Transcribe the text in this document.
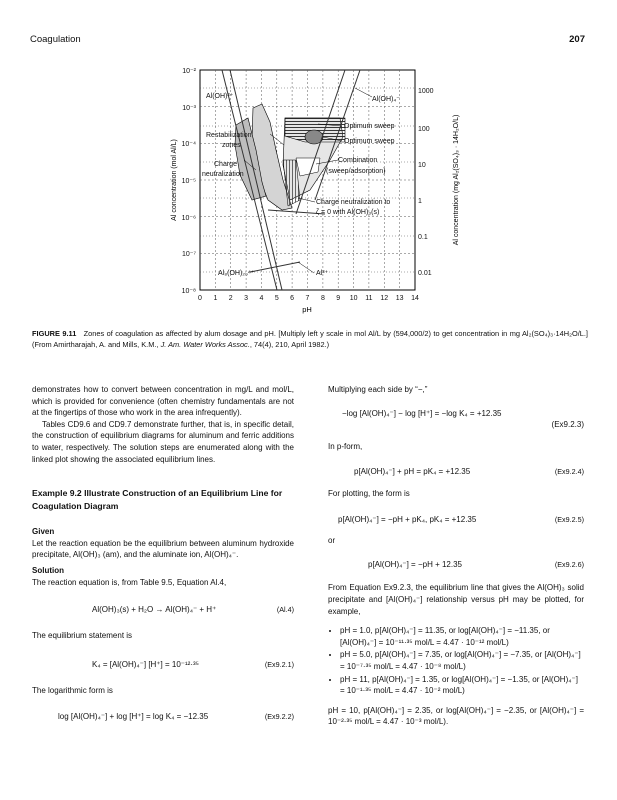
Coagulation	207
Al(OH)²⁺	Al(OH)₄⁻
Restabilization
zones
Charge
neutralization
Optimum sweep
Optimum sweep
Combination
(sweep/adsorption)
Charge neutralization to
ζ = 0 with Al(OH)₃(s)
Al₈(OH)₂₀⁴⁺	Al³⁺
10⁻²
10⁻³
10⁻⁴
10⁻⁵
10⁻⁶
10⁻⁷
10⁻⁸
1000
100
10
1
0.1
0.01
0 1 2 3 4 5 6 7 8 9 10 11 12 13 14
pH
Al concentration (mol Al/L)	Al concentration (mg Al₂(SO₄)₃ · 14H₂O/L)
FIGURE 9.11 Zones of coagulation as affected by alum dosage and pH. [Multiply left y scale in mol Al/L by (594,000/2) to get concentration in mg Al₂(SO₄)₃·14H₂O/L.] (From Amirtharajah, A. and Mills, K.M., J. Am. Water Works Assoc., 74(4), 210, April 1982.)
demonstrates how to convert between concentration in mg/L and mol/L, which is provided for convenience (often chemistry fundamentals are not at the fingertips of those who work in the area infrequently).
Tables CD9.6 and CD9.7 demonstrate further, that is, in specific detail, the construction of equilibrium diagrams for aluminum and ferric additions to water, respectively. The solution steps are enumerated along with the linked plot showing the associated equilibrium lines.
Example 9.2 Illustrate Construction of an Equilibrium Line for Coagulation Diagram
Given
Let the reaction equation be the equilibrium between aluminum hydroxide precipitate, Al(OH)₃ (am), and the aluminate ion, Al(OH)₄⁻.
Solution
The reaction equation is, from Table 9.5, Equation Al.4,
Al(OH)₃(s) + H₂O → Al(OH)₄⁻ + H⁺	(Al.4)
The equilibrium statement is
K₄ = [Al(OH)₄⁻] [H⁺] = 10⁻¹²·³⁵	(Ex9.2.1)
The logarithmic form is
log [Al(OH)₄⁻] + log [H⁺] = log K₄ = −12.35	(Ex9.2.2)
Multiplying each side by “−,”
−log [Al(OH)₄⁻] − log [H⁺] = −log K₄ = +12.35
(Ex9.2.3)
In p-form,
p[Al(OH)₄⁻] + pH = pK₄ = +12.35	(Ex9.2.4)
For plotting, the form is
p[Al(OH)₄⁻] = −pH + pK₄, pK₄ = +12.35	(Ex9.2.5)
or
p[Al(OH)₄⁻] = −pH + 12.35	(Ex9.2.6)
From Equation Ex9.2.3, the equilibrium line that gives the Al(OH)₃ solid precipitate and [Al(OH)₄⁻] relationship versus pH may be plotted, for example,
• pH = 1.0, p[Al(OH)₄⁻] = 11.35, or log[Al(OH)₄⁻] = −11.35, or [Al(OH)₄⁻] = 10⁻¹¹·³⁵ mol/L = 4.47 · 10⁻¹² mol/L)
• pH = 5.0, p[Al(OH)₄⁻] = 7.35, or log[Al(OH)₄⁻] = −7.35, or [Al(OH)₄⁻] = 10⁻⁷·³⁵ mol/L = 4.47 · 10⁻⁸ mol/L)
• pH = 11, p[Al(OH)₄⁻] = 1.35, or log[Al(OH)₄⁻] = −1.35, or [Al(OH)₄⁻] = 10⁻¹·³⁵ mol/L = 4.47 · 10⁻² mol/L)
pH = 10, p[Al(OH)₄⁻] = 2.35, or log[Al(OH)₄⁻] = −2.35, or [Al(OH)₄⁻] = 10⁻²·³⁵ mol/L = 4.47 · 10⁻³ mol/L).
